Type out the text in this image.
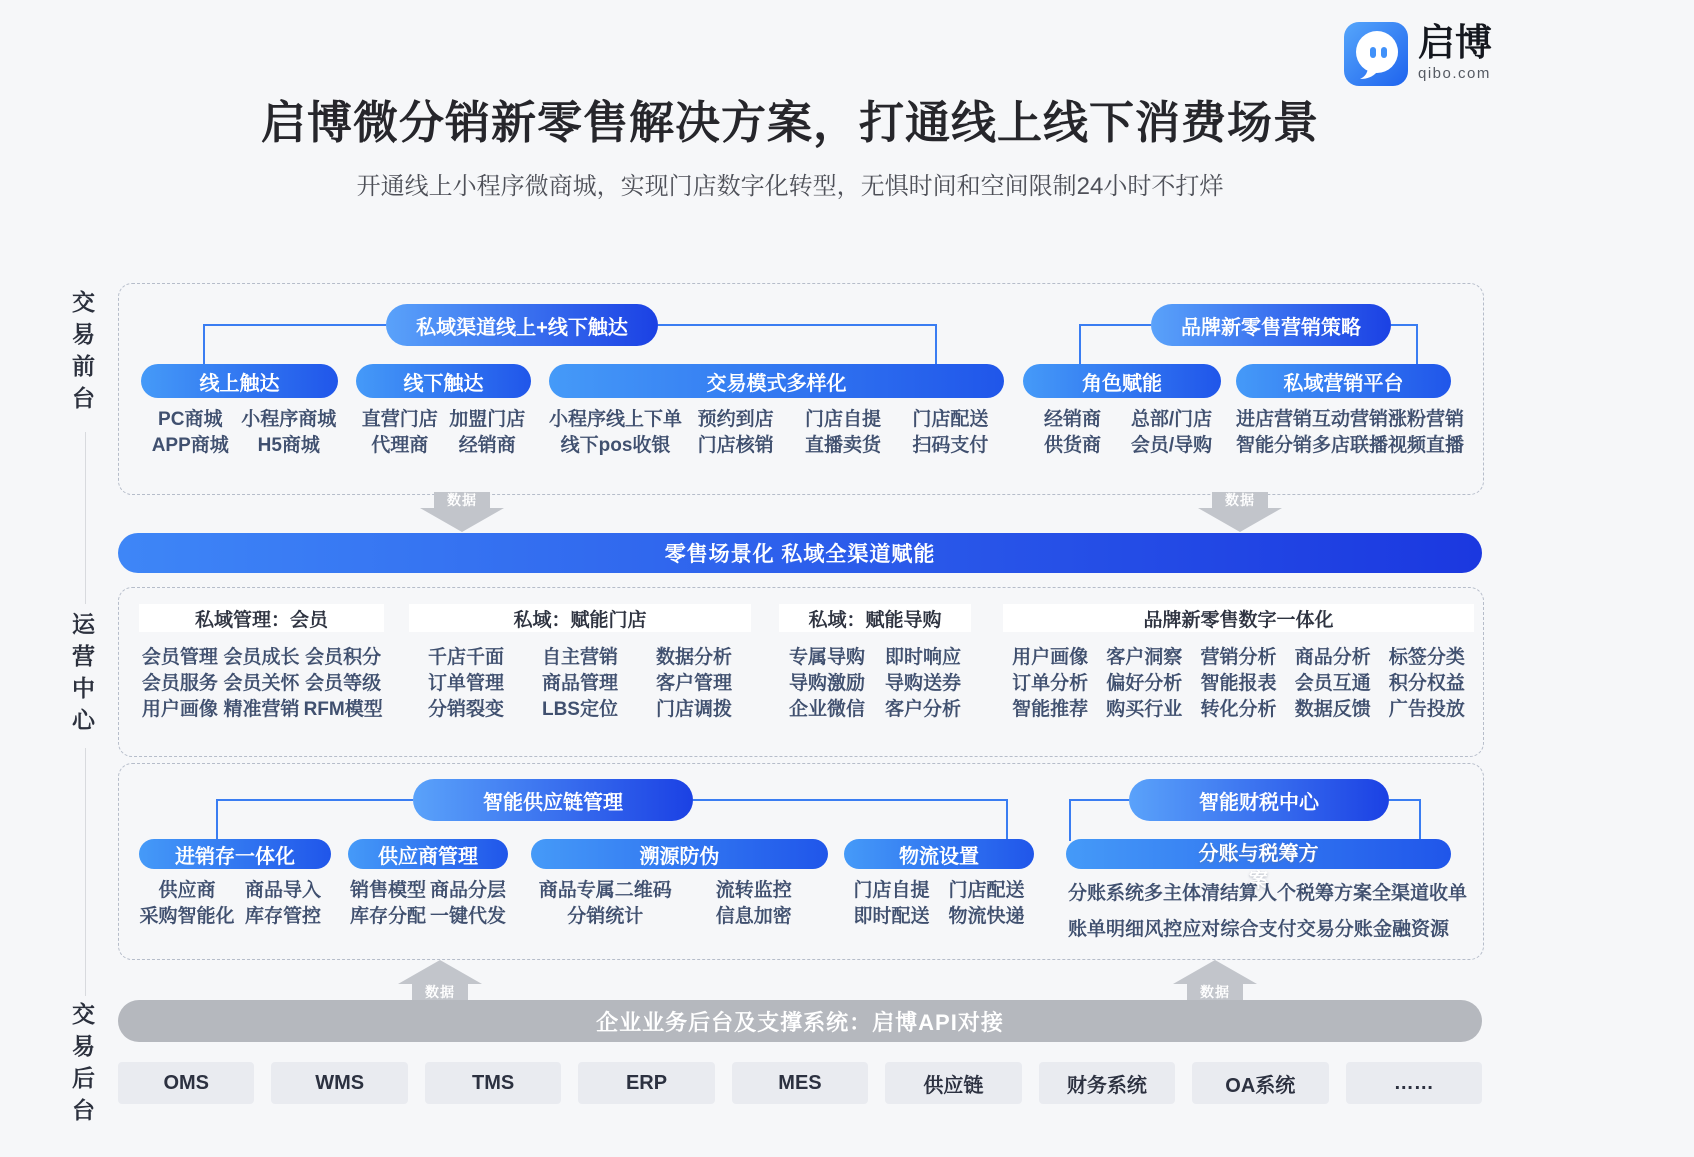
启博
qibo.com
启博微分销新零售解决方案，打通线上线下消费场景
开通线上小程序微商城，实现门店数字化转型，无惧时间和空间限制24小时不打烊
交易前台
运营中心
交易后台
私域渠道线上+线下触达	品牌新零售营销策略
线上触达
PC商城 小程序商城
APP商城 H5商城
线下触达
直营门店 加盟门店
代理商 经销商
交易模式多样化
小程序线上下单 预约到店 门店自提 门店配送
线下pos收银 门店核销 直播卖货 扫码支付
角色赋能
经销商 总部/门店
供货商 会员/导购
私域营销平台
进店营销 互动营销 涨粉营销
智能分销 多店联播 视频直播
数据	数据
零售场景化 私域全渠道赋能
私域管理：会员
会员管理 会员成长 会员积分
会员服务 会员关怀 会员等级
用户画像 精准营销 RFM模型
私域：赋能门店
千店千面 自主营销 数据分析
订单管理 商品管理 客户管理
分销裂变 LBS定位 门店调拨
私域：赋能导购
专属导购 即时响应
导购激励 导购送券
企业微信 客户分析
品牌新零售数字一体化
用户画像 客户洞察 营销分析 商品分析 标签分类
订单分析 偏好分析 智能报表 会员互通 积分权益
智能推荐 购买行业 转化分析 数据反馈 广告投放
智能供应链管理	智能财税中心
进销存一体化
供应商 商品导入
采购智能化 库存管控
供应商管理
销售模型 商品分层
库存分配 一键代发
溯源防伪
商品专属二维码 流转监控
分销统计	信息加密
物流设置
门店自提 门店配送
即时配送 物流快递
分账与税筹方案
分账系统 多主体清结算 人个税筹方案 全渠道收单
账单明细 风控应对 综合支付 交易分账 金融资源
数据	数据
企业业务后台及支撑系统：启博API对接
OMS	WMS	TMS	ERP	MES	供应链	财务系统	OA系统	……
